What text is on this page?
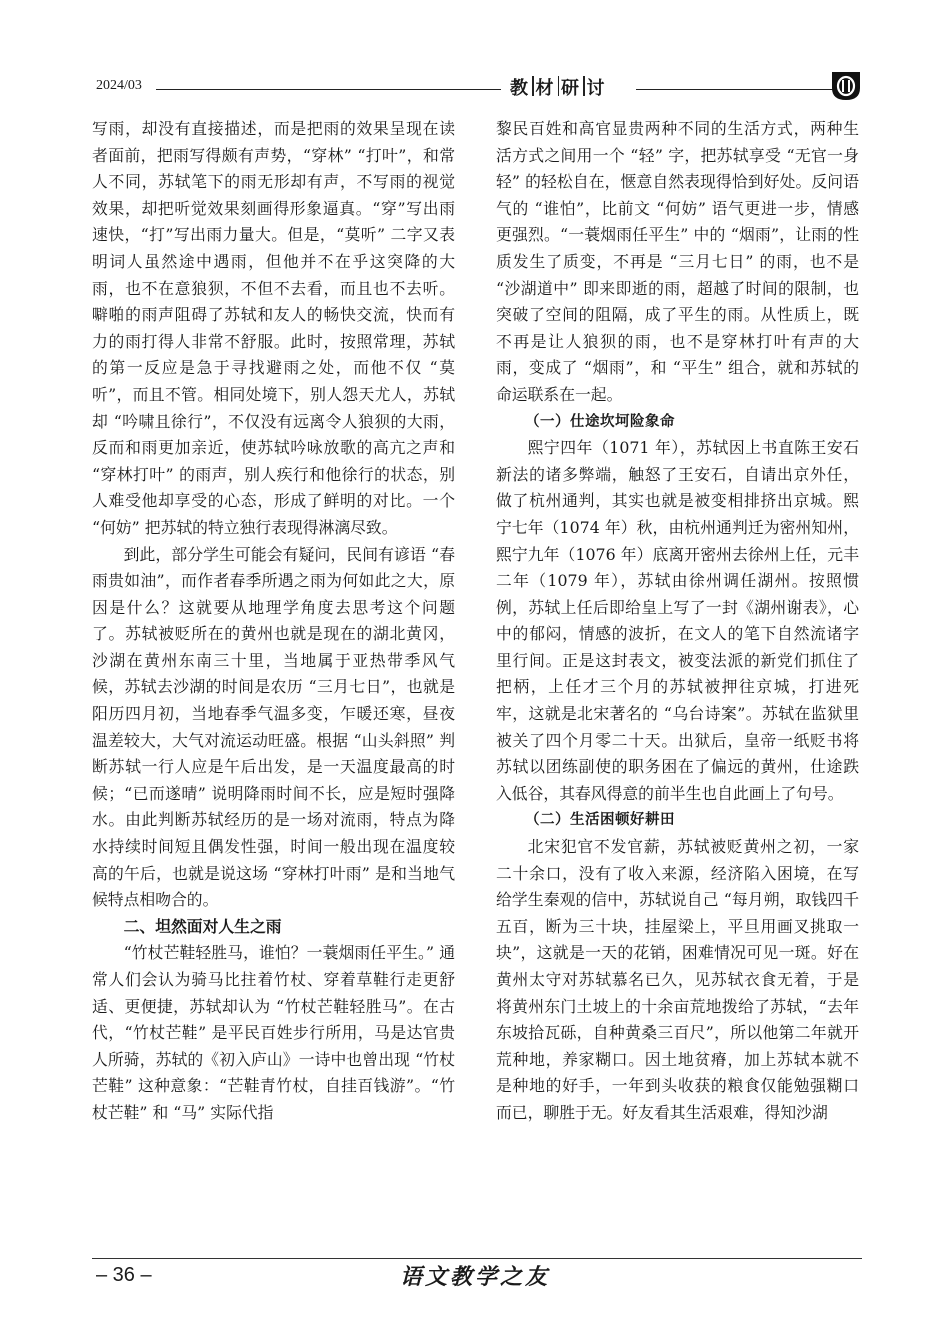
2024/03	教 材 研 讨

写雨，却没有直接描述，而是把雨的效果呈现在读者面前，把雨写得颇有声势，“穿林” “打叶”，和常人不同，苏轼笔下的雨无形却有声，不写雨的视觉效果，却把听觉效果刻画得形象逼真。“穿”写出雨速快，“打”写出雨力量大。但是，“莫听” 二字又表明词人虽然途中遇雨，但他并不在乎这突降的大雨，也不在意狼狈，不但不去看，而且也不去听。噼啪的雨声阻碍了苏轼和友人的畅快交流，快而有力的雨打得人非常不舒服。此时，按照常理，苏轼的第一反应是急于寻找避雨之处，而他不仅 “莫听”，而且不管。相同处境下，别人怨天尤人，苏轼却 “吟啸且徐行”，不仅没有远离令人狼狈的大雨，反而和雨更加亲近，使苏轼吟咏放歌的高亢之声和 “穿林打叶” 的雨声，别人疾行和他徐行的状态，别人难受他却享受的心态，形成了鲜明的对比。一个 “何妨” 把苏轼的特立独行表现得淋漓尽致。

到此，部分学生可能会有疑问，民间有谚语 “春雨贵如油”，而作者春季所遇之雨为何如此之大，原因是什么？这就要从地理学角度去思考这个问题了。苏轼被贬所在的黄州也就是现在的湖北黄冈，沙湖在黄州东南三十里，当地属于亚热带季风气候，苏轼去沙湖的时间是农历 “三月七日”，也就是阳历四月初，当地春季气温多变，乍暖还寒，昼夜温差较大，大气对流运动旺盛。根据 “山头斜照” 判断苏轼一行人应是午后出发，是一天温度最高的时候；“已而遂晴” 说明降雨时间不长，应是短时强降水。由此判断苏轼经历的是一场对流雨，特点为降水持续时间短且偶发性强，时间一般出现在温度较高的午后，也就是说这场 “穿林打叶雨” 是和当地气候特点相吻合的。

二、坦然面对人生之雨

“竹杖芒鞋轻胜马，谁怕？一蓑烟雨任平生。” 通常人们会认为骑马比拄着竹杖、穿着草鞋行走更舒适、更便捷，苏轼却认为 “竹杖芒鞋轻胜马”。在古代，“竹杖芒鞋” 是平民百姓步行所用，马是达官贵人所骑，苏轼的《初入庐山》一诗中也曾出现 “竹杖芒鞋” 这种意象：“芒鞋青竹杖，自挂百钱游”。“竹杖芒鞋” 和 “马” 实际代指

黎民百姓和高官显贵两种不同的生活方式，两种生活方式之间用一个 “轻” 字，把苏轼享受 “无官一身轻” 的轻松自在，惬意自然表现得恰到好处。反问语气的 “谁怕”，比前文 “何妨” 语气更进一步，情感更强烈。“一蓑烟雨任平生” 中的 “烟雨”，让雨的性质发生了质变，不再是 “三月七日” 的雨，也不是 “沙湖道中” 即来即逝的雨，超越了时间的限制，也突破了空间的阻隔，成了平生的雨。从性质上，既不再是让人狼狈的雨，也不是穿林打叶有声的大雨，变成了 “烟雨”，和 “平生” 组合，就和苏轼的命运联系在一起。

（一）仕途坎坷险象命

熙宁四年（1071 年），苏轼因上书直陈王安石新法的诸多弊端，触怒了王安石，自请出京外任，做了杭州通判，其实也就是被变相排挤出京城。熙宁七年（1074 年）秋，由杭州通判迁为密州知州，熙宁九年（1076 年）底离开密州去徐州上任，元丰二年（1079 年），苏轼由徐州调任湖州。按照惯例，苏轼上任后即给皇上写了一封《湖州谢表》，心中的郁闷，情感的波折，在文人的笔下自然流诸字里行间。正是这封表文，被变法派的新党们抓住了把柄，上任才三个月的苏轼被押往京城，打进死牢，这就是北宋著名的 “乌台诗案”。苏轼在监狱里被关了四个月零二十天。出狱后，皇帝一纸贬书将苏轼以团练副使的职务困在了偏远的黄州，仕途跌入低谷，其春风得意的前半生也自此画上了句号。

（二）生活困顿好耕田

北宋犯官不发官薪，苏轼被贬黄州之初，一家二十余口，没有了收入来源，经济陷入困境，在写给学生秦观的信中，苏轼说自己 “每月朔，取钱四千五百，断为三十块，挂屋梁上，平旦用画叉挑取一块”，这就是一天的花销，困难情况可见一斑。好在黄州太守对苏轼慕名已久，见苏轼衣食无着，于是将黄州东门土坡上的十余亩荒地拨给了苏轼，“去年东坡拾瓦砾，自种黄桑三百尺”，所以他第二年就开荒种地，养家糊口。因土地贫瘠，加上苏轼本就不是种地的好手，一年到头收获的粮食仅能勉强糊口而已，聊胜于无。好友看其生活艰难，得知沙湖

– 36 –	语文教学之友
